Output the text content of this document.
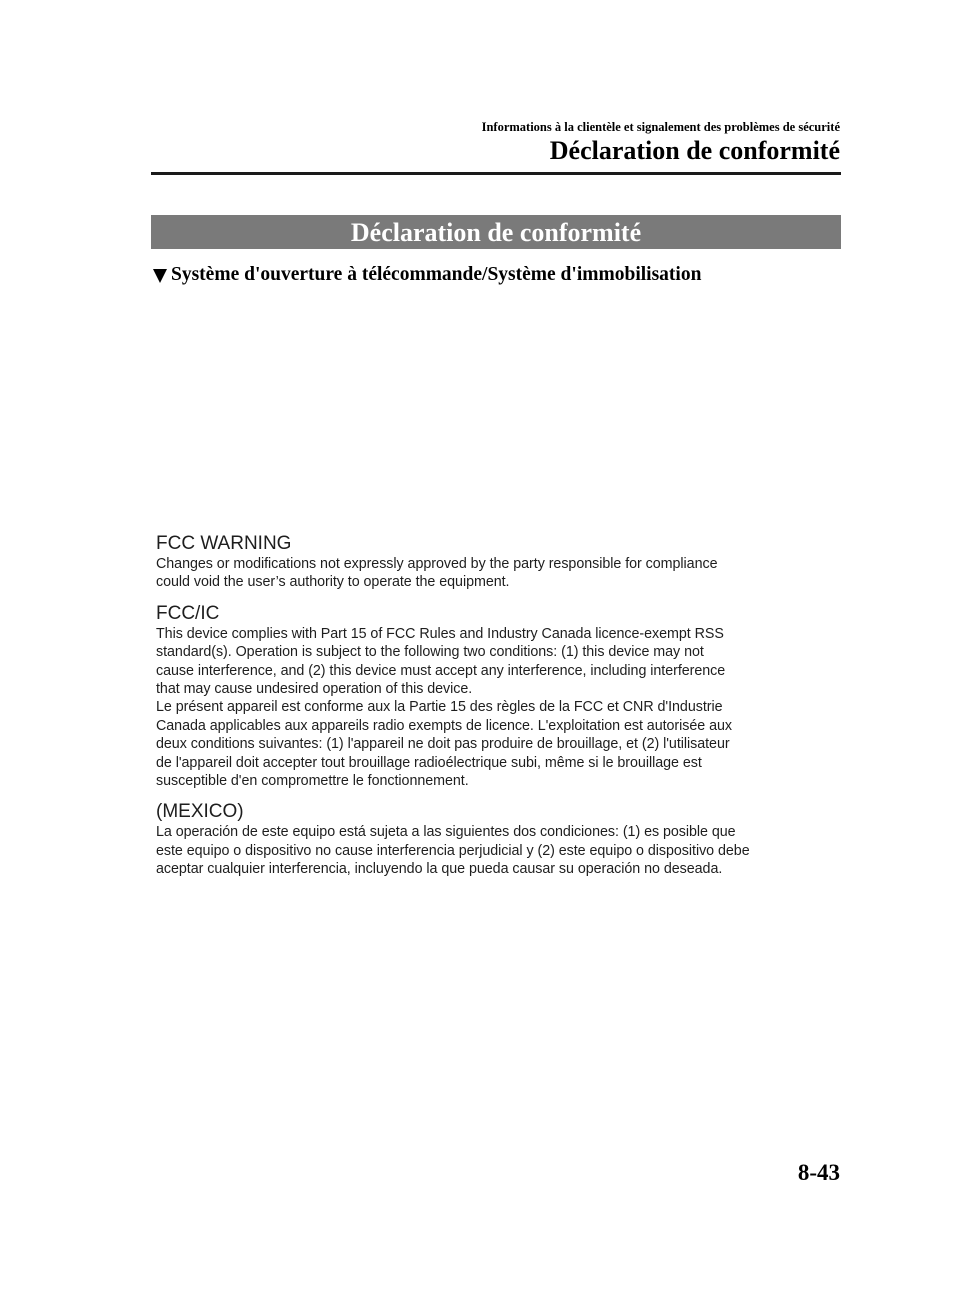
Informations à la clientèle et signalement des problèmes de sécurité
Déclaration de conformité
Déclaration de conformité
Système d'ouverture à télécommande/Système d'immobilisation
FCC WARNING

Changes or modifications not expressly approved by the party responsible for compliance

could void the user’s authority to operate the equipment.

FCC/IC

This device complies with Part 15 of FCC Rules and Industry Canada licence-exempt RSS

standard(s). Operation is subject to the following two conditions: (1) this device may not

cause interference, and (2) this device must accept any interference, including interference

that may cause undesired operation of this device.

Le présent appareil est conforme aux la Partie 15 des règles de la FCC et CNR d'Industrie

Canada applicables aux appareils radio exempts de licence. L'exploitation est autorisée aux

deux conditions suivantes: (1) l'appareil ne doit pas produire de brouillage, et (2) l'utilisateur

de l'appareil doit accepter tout brouillage radioélectrique subi, même si le brouillage est

susceptible d'en compromettre le fonctionnement.

(MEXICO)

La operación de este equipo está sujeta a las siguientes dos condiciones: (1) es posible que

este equipo o dispositivo no cause interferencia perjudicial y (2) este equipo o dispositivo debe

aceptar cualquier interferencia, incluyendo la que pueda causar su operación no deseada.

8-43
